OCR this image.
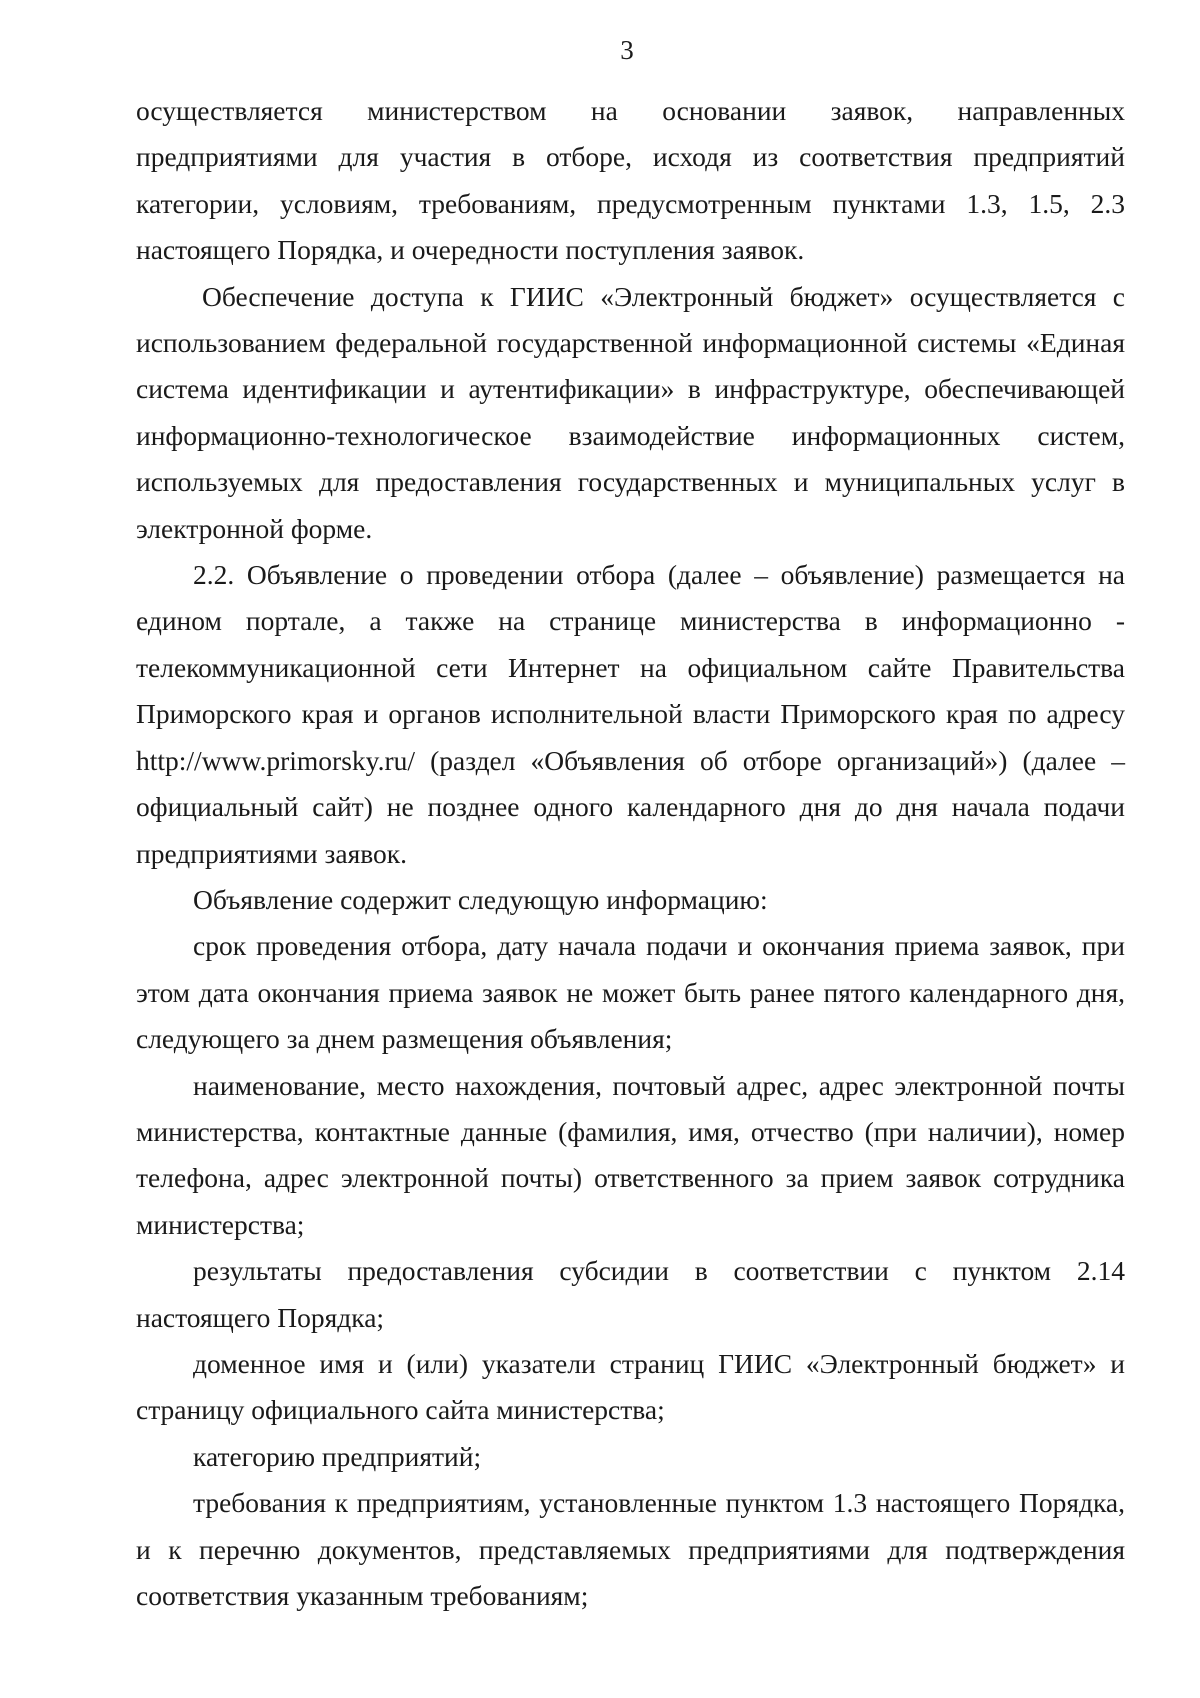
3

осуществляется министерством на основании заявок, направленных предприятиями для участия в отборе, исходя из соответствия предприятий категории, условиям, требованиям, предусмотренным пунктами 1.3, 1.5, 2.3 настоящего Порядка, и очередности поступления заявок.

Обеспечение доступа к ГИИС «Электронный бюджет» осуществляется с использованием федеральной государственной информационной системы «Единая система идентификации и аутентификации» в инфраструктуре, обеспечивающей информационно-технологическое взаимодействие информационных систем, используемых для предоставления государственных и муниципальных услуг в электронной форме.

2.2. Объявление о проведении отбора (далее – объявление) размещается на едином портале, а также на странице министерства в информационно - телекоммуникационной сети Интернет на официальном сайте Правительства Приморского края и органов исполнительной власти Приморского края по адресу http://www.primorsky.ru/ (раздел «Объявления об отборе организаций») (далее – официальный сайт) не позднее одного календарного дня до дня начала подачи предприятиями заявок.

Объявление содержит следующую информацию:

срок проведения отбора, дату начала подачи и окончания приема заявок, при этом дата окончания приема заявок не может быть ранее пятого календарного дня, следующего за днем размещения объявления;

наименование, место нахождения, почтовый адрес, адрес электронной почты министерства, контактные данные (фамилия, имя, отчество (при наличии), номер телефона, адрес электронной почты) ответственного за прием заявок сотрудника министерства;

результаты предоставления субсидии в соответствии с пунктом 2.14 настоящего Порядка;

доменное имя и (или) указатели страниц ГИИС «Электронный бюджет» и страницу официального сайта министерства;

категорию предприятий;

требования к предприятиям, установленные пунктом 1.3 настоящего Порядка, и к перечню документов, представляемых предприятиями для подтверждения соответствия указанным требованиям;
